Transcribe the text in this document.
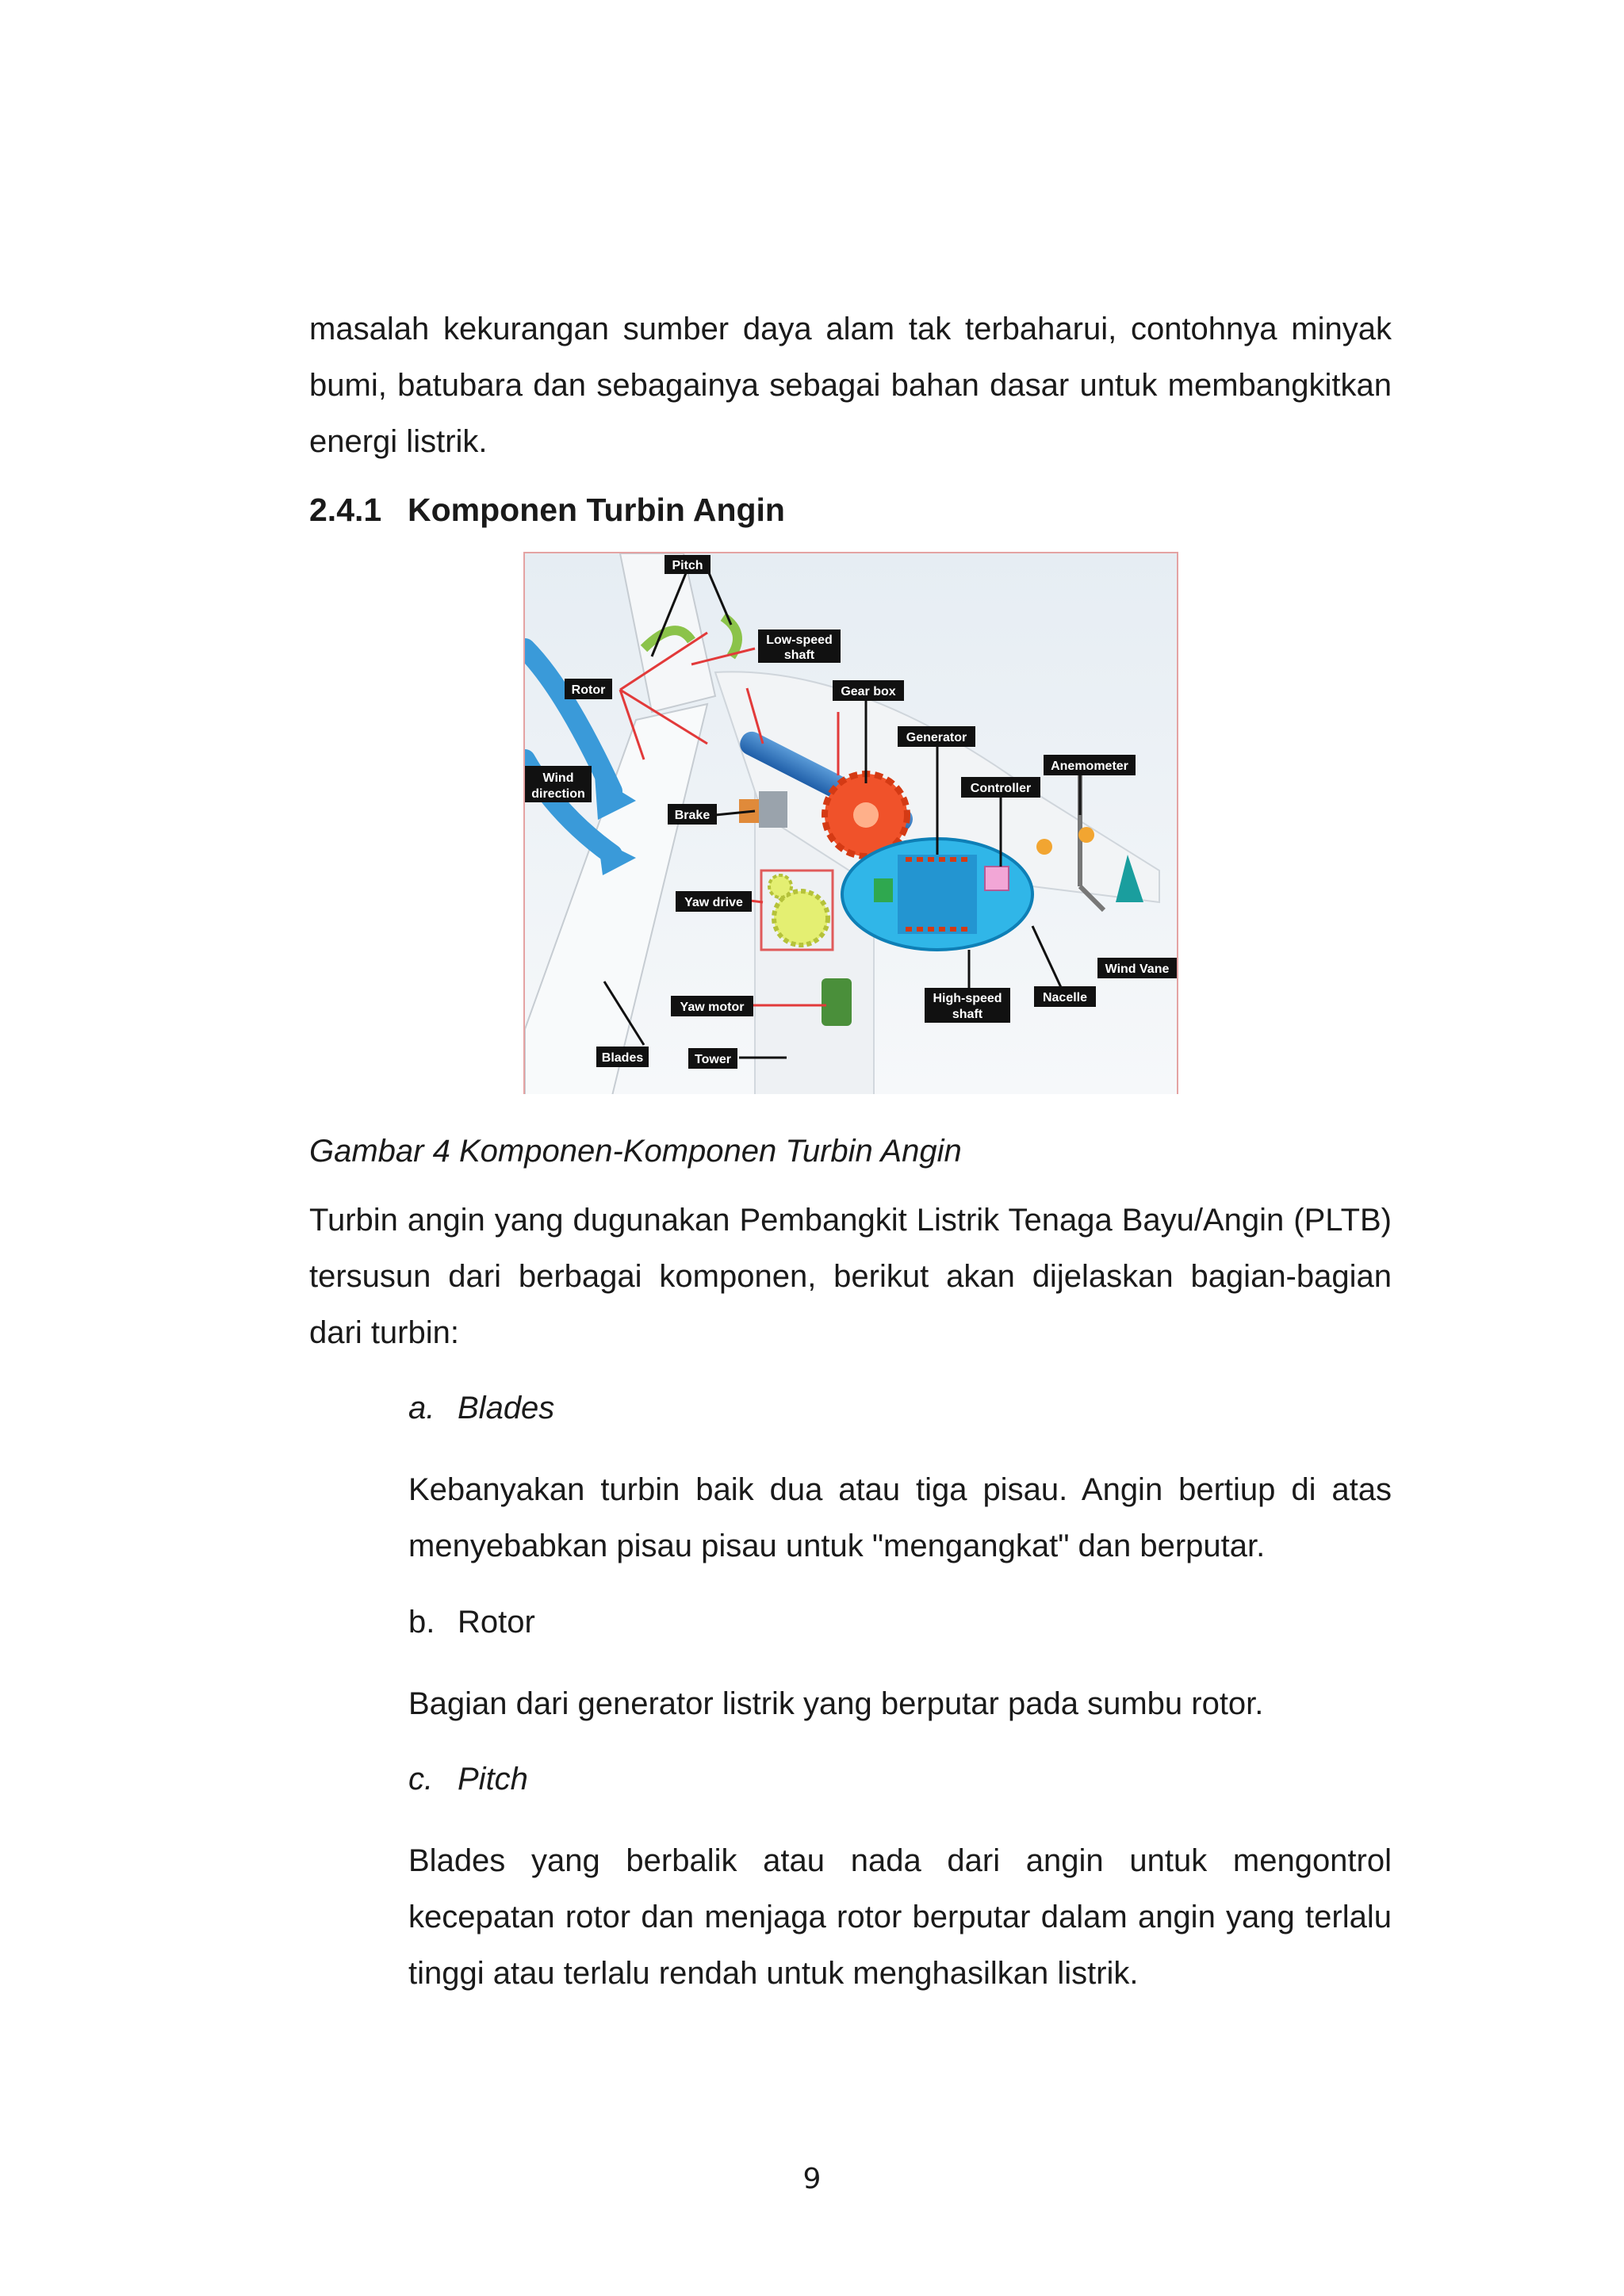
masalah kekurangan sumber daya alam tak terbaharui, contohnya minyak bumi, batubara dan sebagainya sebagai bahan dasar untuk membangkitkan energi listrik.

2.4.1 Komponen Turbin Angin
Pitch
Rotor
Low-speed
shaft
Gear box
Generator
Anemometer
Controller
Wind
direction
Brake
Yaw drive
Wind Vane
High-speed
shaft
Nacelle
Yaw motor
Blades	Tower

Gambar 4 Komponen-Komponen Turbin Angin

Turbin angin yang dugunakan Pembangkit Listrik Tenaga Bayu/Angin (PLTB) tersusun dari berbagai komponen, berikut akan dijelaskan bagian-bagian dari turbin:

a. Blades

Kebanyakan turbin baik dua atau tiga pisau. Angin bertiup di atas menyebabkan pisau pisau untuk "mengangkat" dan berputar.

b. Rotor

Bagian dari generator listrik yang berputar pada sumbu rotor.

c. Pitch

Blades yang berbalik atau nada dari angin untuk mengontrol kecepatan rotor dan menjaga rotor berputar dalam angin yang terlalu tinggi atau terlalu rendah untuk menghasilkan listrik.

9
